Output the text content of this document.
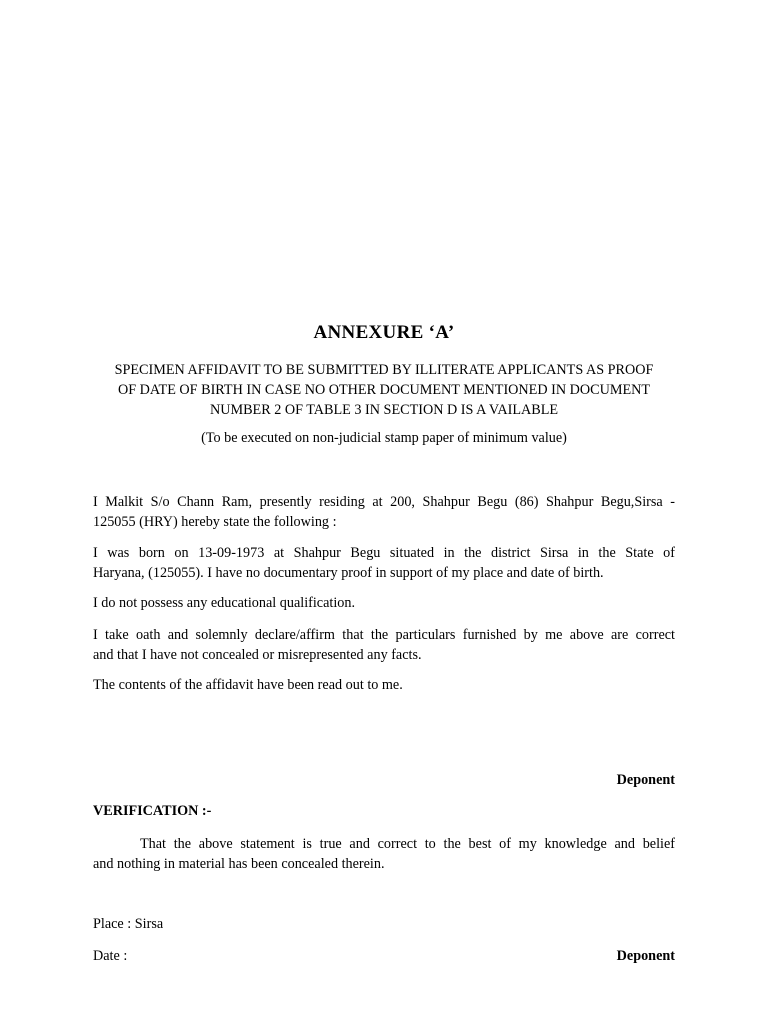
ANNEXURE ‘A’
SPECIMEN AFFIDAVIT TO BE SUBMITTED BY ILLITERATE APPLICANTS AS PROOF
OF DATE OF BIRTH IN CASE NO OTHER DOCUMENT MENTIONED IN DOCUMENT
NUMBER 2 OF TABLE 3 IN SECTION D IS A VAILABLE
(To be executed on non-judicial stamp paper of minimum value)
I Malkit S/o Chann Ram, presently residing at 200, Shahpur Begu (86) Shahpur Begu,Sirsa -
125055 (HRY) hereby state the following :
I was born on 13-09-1973 at Shahpur Begu situated in the district Sirsa in the State of
Haryana, (125055). I have no documentary proof in support of my place and date of birth.
I do not possess any educational qualification.
I take oath and solemnly declare/affirm that the particulars furnished by me above are correct
and that I have not concealed or misrepresented any facts.
The contents of the affidavit have been read out to me.
Deponent
VERIFICATION :-
That the above statement is true and correct to the best of my knowledge and belief
and nothing in material has been concealed therein.
Place : Sirsa
Date :	Deponent
